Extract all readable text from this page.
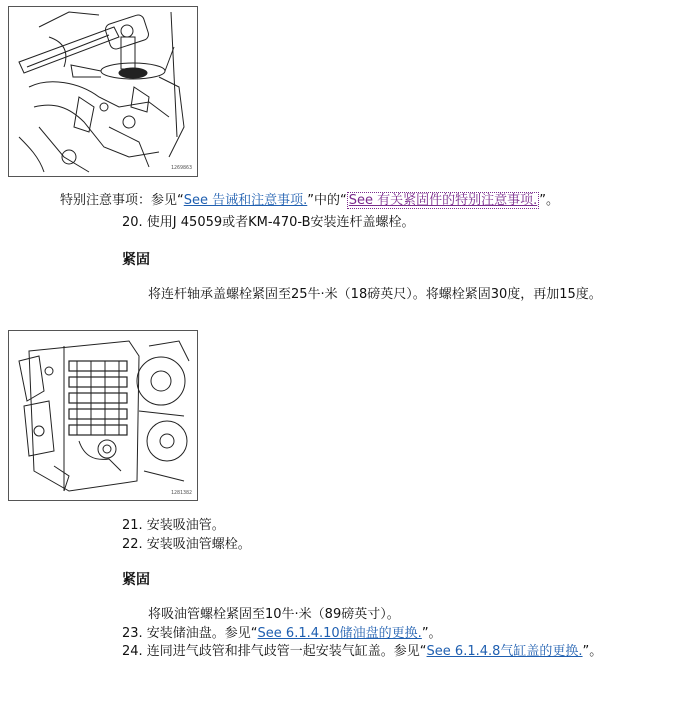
1269863
特别注意事项：参见“See 告诫和注意事项.”中的“ See 有关紧固件的特别注意事项. ”。
20. 使用J 45059或者KM-470-B安装连杆盖螺栓。
紧固
将连杆轴承盖螺栓紧固至25牛·米（18磅英尺）。将螺栓紧固30度，再加15度。
1281382
21. 安装吸油管。
22. 安装吸油管螺栓。
紧固
将吸油管螺栓紧固至10牛·米（89磅英寸）。
23. 安装储油盘。参见“See 6.1.4.10储油盘的更换.”。
24. 连同进气歧管和排气歧管一起安装气缸盖。参见“See 6.1.4.8气缸盖的更换.”。
